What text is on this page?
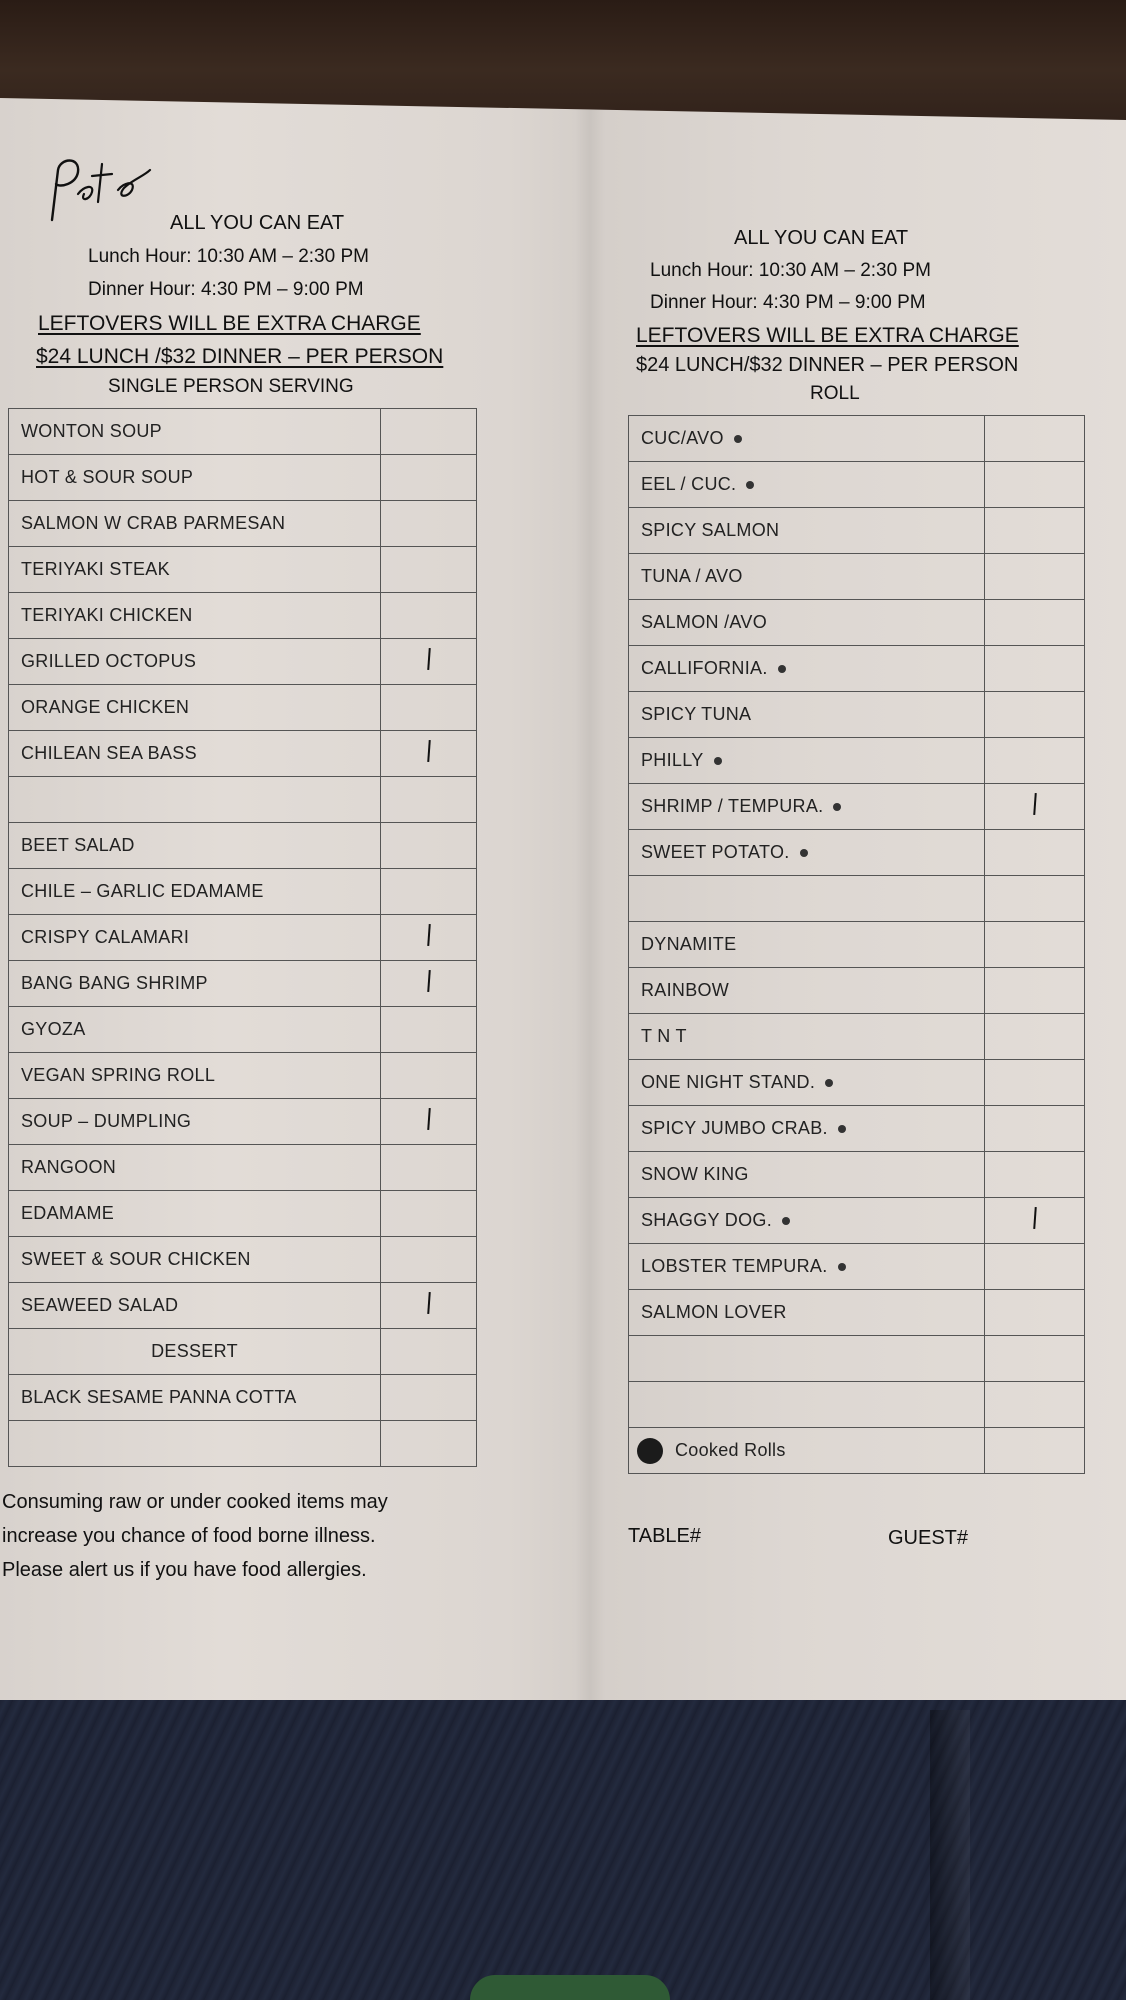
ALL YOU CAN EAT
Lunch Hour: 10:30 AM – 2:30 PM
Dinner Hour: 4:30 PM – 9:00 PM
LEFTOVERS WILL BE EXTRA CHARGE
$24 LUNCH /$32 DINNER – PER PERSON
SINGLE PERSON SERVING
WONTON SOUP	
HOT & SOUR SOUP	
SALMON W CRAB PARMESAN	
TERIYAKI STEAK	
TERIYAKI CHICKEN	
GRILLED OCTOPUS	
ORANGE CHICKEN	
CHILEAN SEA BASS	

BEET SALAD	
CHILE – GARLIC EDAMAME	
CRISPY CALAMARI	
BANG BANG SHRIMP	
GYOZA	
VEGAN SPRING ROLL	
SOUP – DUMPLING	
RANGOON	
EDAMAME	
SWEET & SOUR CHICKEN	
SEAWEED SALAD	
DESSERT	
BLACK SESAME PANNA COTTA	

Consuming raw or under cooked items may
increase you chance of food borne illness.
Please alert us if you have food allergies.
ALL YOU CAN EAT
Lunch Hour: 10:30 AM – 2:30 PM
Dinner Hour: 4:30 PM – 9:00 PM
LEFTOVERS WILL BE EXTRA CHARGE
$24 LUNCH/$32 DINNER – PER PERSON
ROLL
CUC/AVO	
EEL / CUC.	
SPICY SALMON	
TUNA / AVO	
SALMON /AVO	
CALLIFORNIA.	
SPICY TUNA	
PHILLY	
SHRIMP / TEMPURA.	
SWEET POTATO.	

DYNAMITE	
RAINBOW	
T N T	
ONE NIGHT STAND.	
SPICY JUMBO CRAB.	
SNOW KING	
SHAGGY DOG.	
LOBSTER TEMPURA.	
SALMON LOVER	

Cooked Rolls	
TABLE#	GUEST#
